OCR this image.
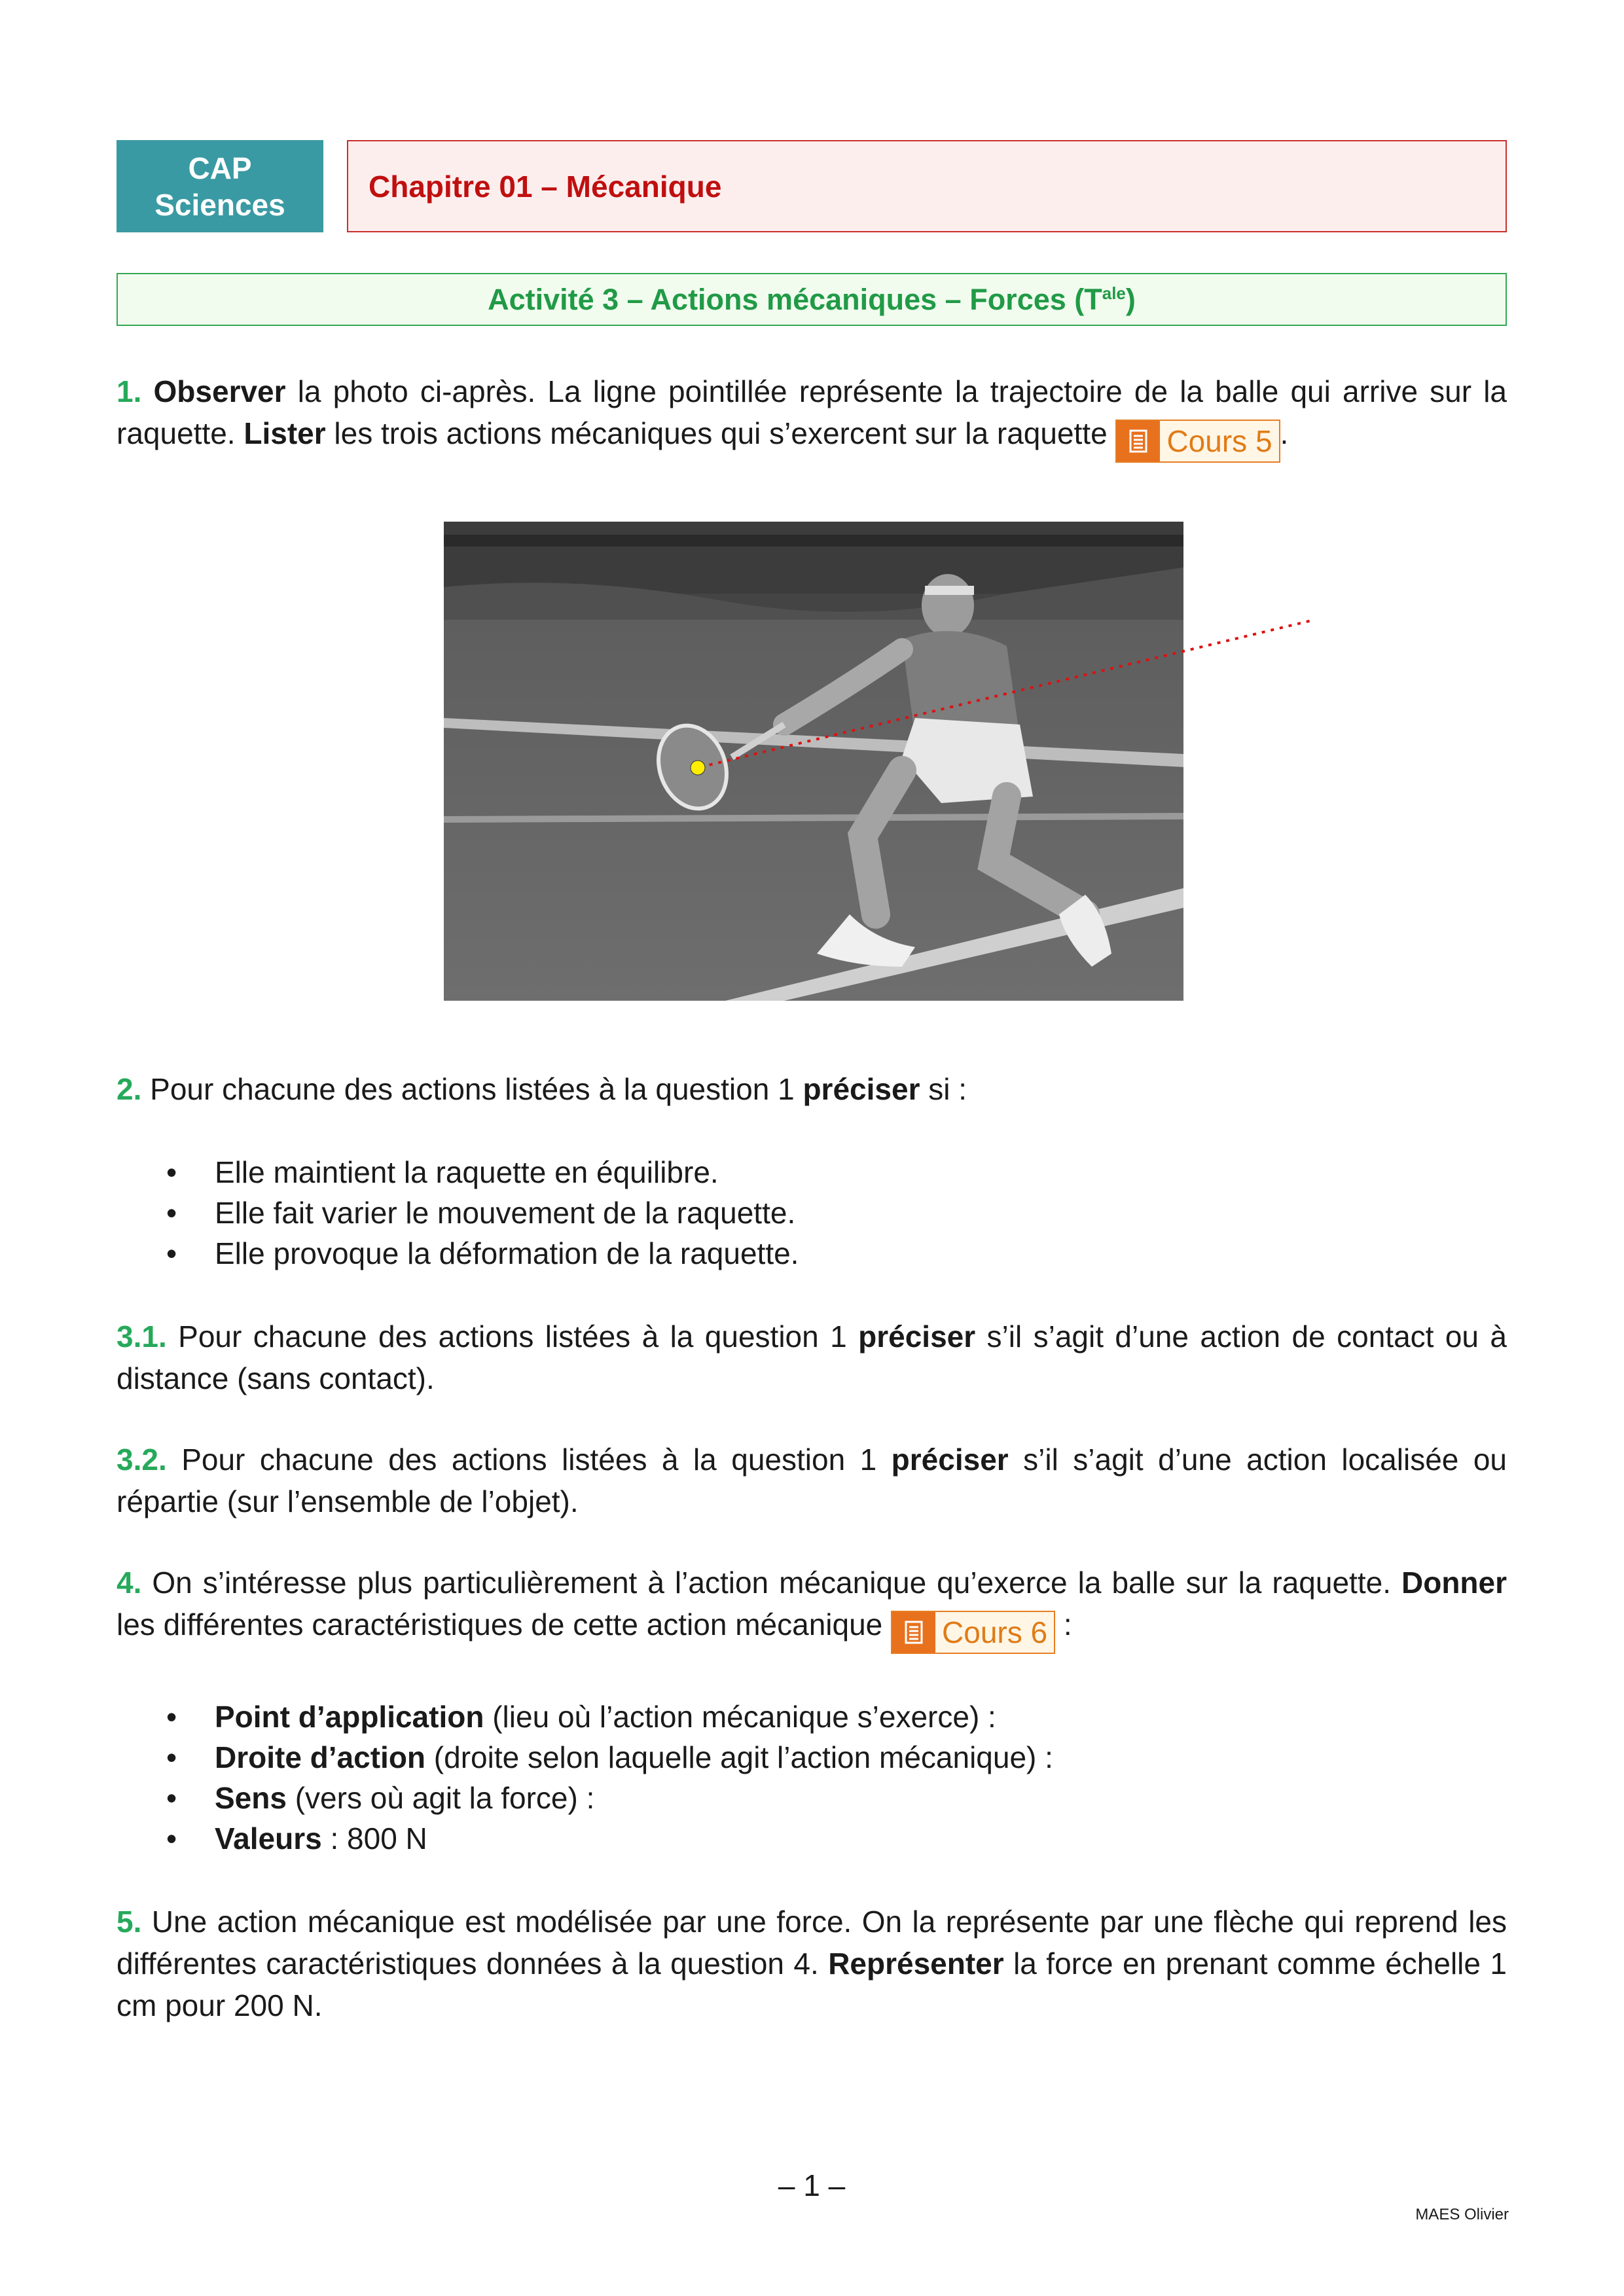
CAP
Sciences
Chapitre 01 – Mécanique
Activité 3 – Actions mécaniques – Forces $(T^{ale})$
1. Observer la photo ci-après. La ligne pointillée représente la trajectoire de la balle qui arrive sur la raquette. Lister les trois actions mécaniques qui s’exercent sur la raquette Cours 5 .
2. Pour chacune des actions listées à la question 1 préciser si :
• Elle maintient la raquette en équilibre.
• Elle fait varier le mouvement de la raquette.
• Elle provoque la déformation de la raquette.
3.1. Pour chacune des actions listées à la question 1 préciser s’il s’agit d’une action de contact ou à distance (sans contact).
3.2. Pour chacune des actions listées à la question 1 préciser s’il s’agit d’une action localisée ou répartie (sur l’ensemble de l’objet).
4. On s’intéresse plus particulièrement à l’action mécanique qu’exerce la balle sur la raquette. Donner les différentes caractéristiques de cette action mécanique Cours 6 :
• Point d’application (lieu où l’action mécanique s’exerce) :
• Droite d’action (droite selon laquelle agit l’action mécanique) :
• Sens (vers où agit la force) :
• Valeurs : 800 N
5. Une action mécanique est modélisée par une force. On la représente par une flèche qui reprend les différentes caractéristiques données à la question 4. Représenter la force en prenant comme échelle 1 cm pour 200 N.
– 1 –
MAES Olivier
